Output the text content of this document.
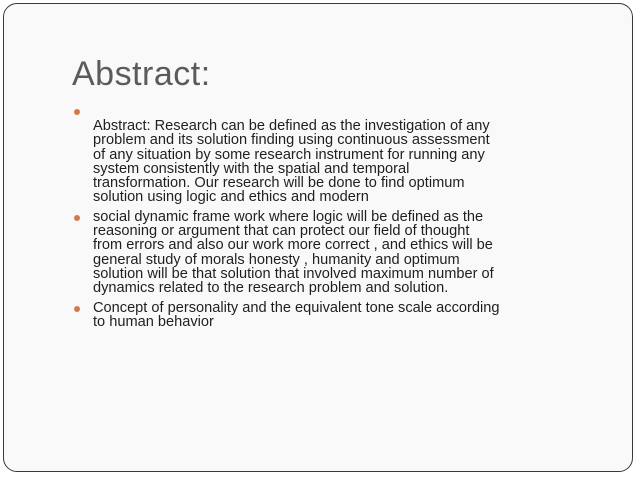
Abstract:
Abstract: Research can be defined as the investigation of any problem and its solution finding using continuous assessment of any situation by some research instrument for running any system consistently with the spatial and temporal transformation. Our research will be done to find optimum solution using logic and ethics and modern
social dynamic frame work where logic will be defined as the reasoning or argument that can protect our field of thought from errors and also our work more correct , and ethics will be general study of morals honesty , humanity and optimum solution will be that solution that involved maximum number of dynamics related to the research problem and solution.
Concept of personality and the equivalent tone scale according to human behavior
